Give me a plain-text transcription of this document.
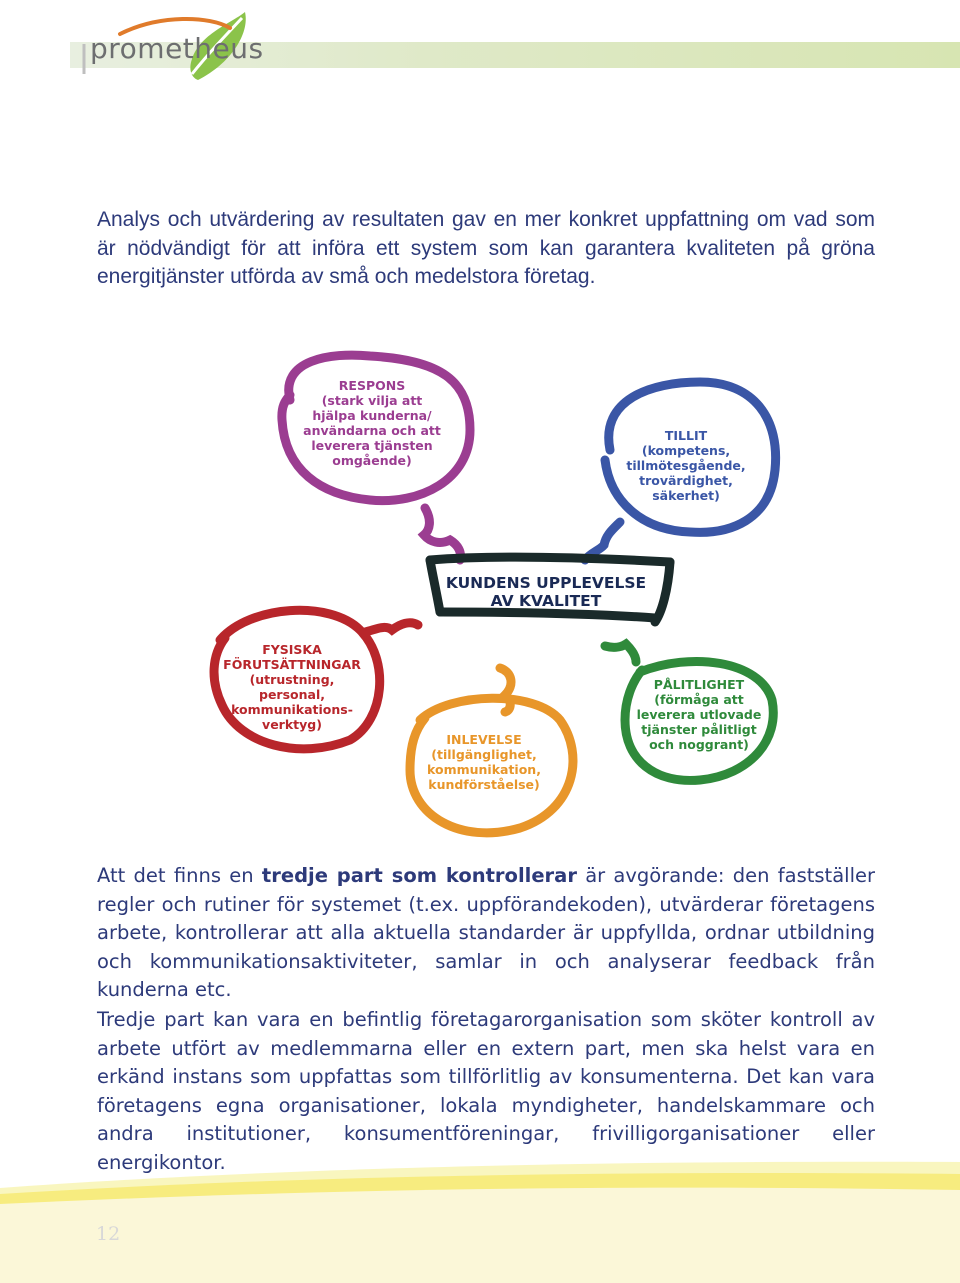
prometheus

Analys och utvärdering av resultaten gav en mer konkret uppfattning om vad som är nödvändigt för att införa ett system som kan garantera kvaliteten på gröna energitjänster utförda av små och medelstora företag.

KUNDENS UPPLEVELSE AV KVALITET
RESPONS
(stark vilja att
hjälpa kunderna/
användarna och att
leverera tjänsten
omgående)
TILLIT
(kompetens,
tillmötesgående,
trovärdighet,
säkerhet)
FYSISKA
FÖRUTSÄTTNINGAR
(utrustning,
personal,
kommunikations-
verktyg)
INLEVELSE
(tillgänglighet,
kommunikation,
kundförståelse)
PÅLITLIGHET
(förmåga att
leverera utlovade
tjänster pålitligt
och noggrant)

Att det finns en tredje part som kontrollerar är avgörande: den fastställer regler och rutiner för systemet (t.ex. uppförandekoden), utvärderar företagens arbete, kontrollerar att alla aktuella standarder är uppfyllda, ordnar utbildning och kommunikationsaktiviteter, samlar in och analyserar feedback från kunderna etc.

Tredje part kan vara en befintlig företagarorganisation som sköter kontroll av arbete utfört av medlemmarna eller en extern part, men ska helst vara en erkänd instans som uppfattas som tillförlitlig av konsumenterna. Det kan vara företagens egna organisationer, lokala myndigheter, handelskammare och andra institutioner, konsumentföreningar, frivilligorganisationer eller energikontor.

12
